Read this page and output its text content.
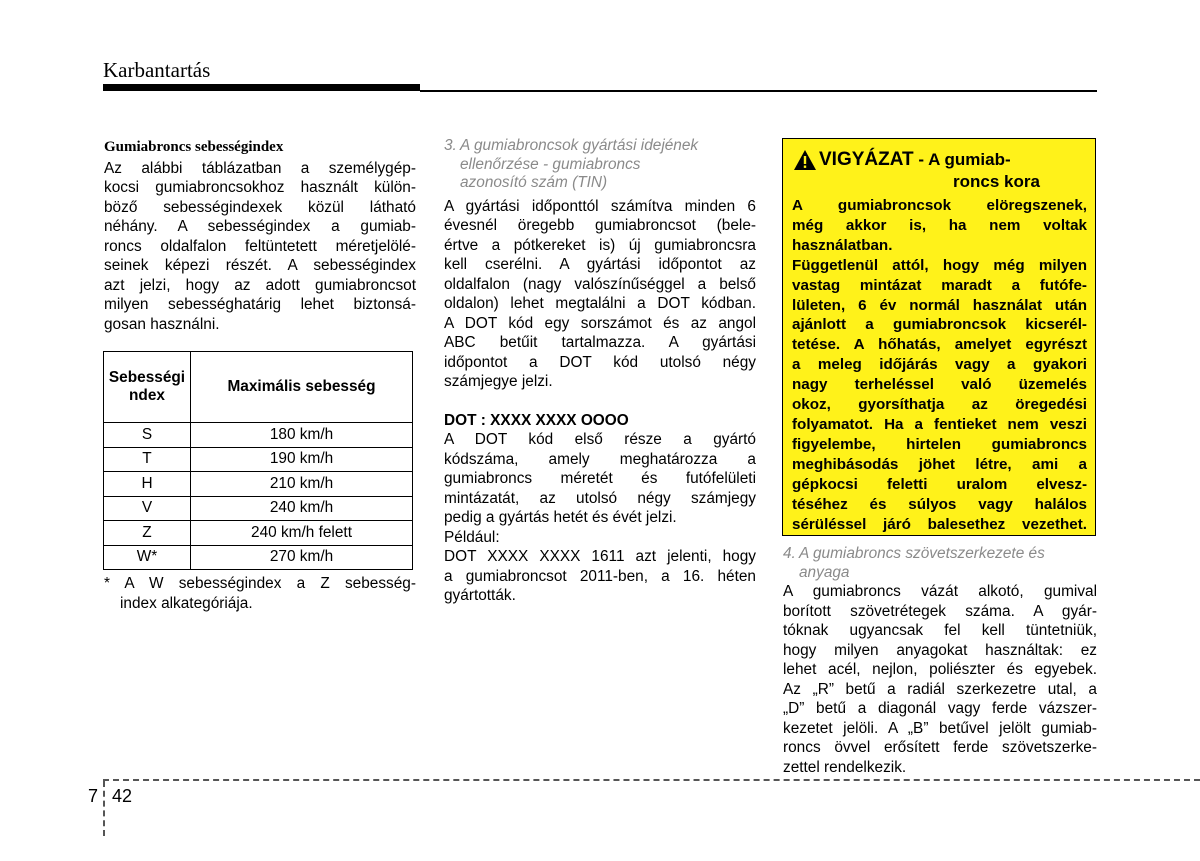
Karbantartás
Gumiabroncs sebességindex
Az alábbi táblázatban a személygép-
kocsi gumiabroncsokhoz használt külön-
böző sebességindexek közül látható
néhány. A sebességindex a gumiab-
roncs oldalfalon feltüntetett méretjelölé-
seinek képezi részét. A sebességindex
azt jelzi, hogy az adott gumiabroncsot
milyen sebességhatárig lehet biztonsá-
gosan használni.
Sebességi
ndex	Maximális sebesség
S	180 km/h
T	190 km/h
H	210 km/h
V	240 km/h
Z	240 km/h felett
W*	270 km/h
* A W sebességindex a Z sebesség-
index alkategóriája.
3. A gumiabroncsok gyártási idejének
ellenőrzése - gumiabroncs
azonosító szám (TIN)
A gyártási időponttól számítva minden 6
évesnél öregebb gumiabroncsot (bele-
értve a pótkereket is) új gumiabroncsra
kell cserélni. A gyártási időpontot az
oldalfalon (nagy valószínűséggel a belső
oldalon) lehet megtalálni a DOT kódban.
A DOT kód egy sorszámot és az angol
ABC betűit tartalmazza. A gyártási
időpontot a DOT kód utolsó négy
számjegye jelzi.
DOT : XXXX XXXX OOOO
A DOT kód első része a gyártó
kódszáma, amely meghatározza a
gumiabroncs méretét és futófelületi
mintázatát, az utolsó négy számjegy
pedig a gyártás hetét és évét jelzi.
Például:
DOT XXXX XXXX 1611 azt jelenti, hogy
a gumiabroncsot 2011-ben, a 16. héten
gyártották.
VIGYÁZAT - A gumiab-
roncs kora
A gumiabroncsok elöregszenek,
még akkor is, ha nem voltak
használatban.
Függetlenül attól, hogy még milyen
vastag mintázat maradt a futófe-
lületen, 6 év normál használat után
ajánlott a gumiabroncsok kicserél-
tetése. A hőhatás, amelyet egyrészt
a meleg időjárás vagy a gyakori
nagy terheléssel való üzemelés
okoz, gyorsíthatja az öregedési
folyamatot. Ha a fentieket nem veszi
figyelembe, hirtelen gumiabroncs
meghibásodás jöhet létre, ami a
gépkocsi feletti uralom elvesz-
téséhez és súlyos vagy halálos
sérüléssel járó balesethez vezethet.
4. A gumiabroncs szövetszerkezete és
anyaga
A gumiabroncs vázát alkotó, gumival
borított szövetrétegek száma. A gyár-
tóknak ugyancsak fel kell tüntetniük,
hogy milyen anyagokat használtak: ez
lehet acél, nejlon, poliészter és egyebek.
Az „R” betű a radiál szerkezetre utal, a
„D” betű a diagonál vagy ferde vázszer-
kezetet jelöli. A „B” betűvel jelölt gumiab-
roncs övvel erősített ferde szövetszerke-
zettel rendelkezik.
7 42
